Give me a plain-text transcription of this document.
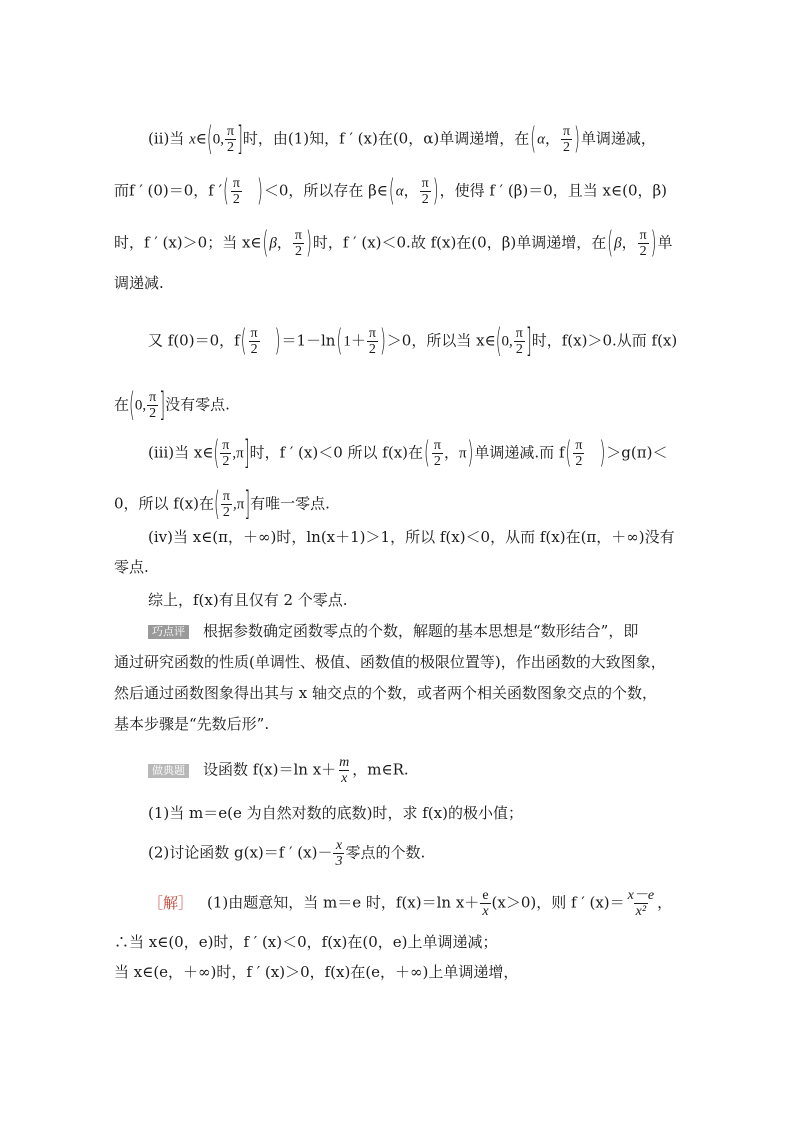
(ⅱ)当 x∈(0, $\frac{\pi}{2}$ ]时，由(1)知，f ′ (x)在(0，α)单调递增，在(α， $\frac{\pi}{2}$ )单调递减，
而f ′ (0)＝0，f ′( $\frac{\pi}{2} )<0$，所以存在 β∈(α， $\frac{\pi}{2}$ )，使得 f ′ (β)＝0，且当 x∈(0，β)
时，f ′ (x)＞0；当 x∈(β， $\frac{\pi}{2}$ )时，f ′ (x)＜0.故 f(x)在(0，β)单调递增，在(β， $\frac{\pi}{2}$ )单
调递减.
又 f(0)＝0，$f( \frac{\pi}{2} )=1-\ln(1+ \frac{\pi}{2} )>0$，所以当 x∈(0, $\frac{\pi}{2}$ ]时，f(x)＞0.从而 f(x)
在(0, $\frac{\pi}{2}$ ]没有零点.
(ⅲ)当 x∈( $\frac{\pi}{2} ,\pi$]时，f ′ (x)＜0 所以 f(x)在( $\frac{\pi}{2}$ ，π)单调递减.而 $f( \frac{\pi}{2} )>g(\pi)<$
0，所以 f(x)在( $\frac{\pi}{2} ,\pi$]有唯一零点.
(ⅳ)当 x∈(π，＋∞)时，ln(x＋1)＞1，所以 f(x)＜0，从而 f(x)在(π，＋∞)没有
零点.
综上，f(x)有且仅有 2 个零点.
巧点评 根据参数确定函数零点的个数，解题的基本思想是“数形结合”，即
通过研究函数的性质(单调性、极值、函数值的极限位置等)，作出函数的大致图象，
然后通过函数图象得出其与 x 轴交点的个数，或者两个相关函数图象交点的个数，
基本步骤是“先数后形”.
做典题 设函数 f(x)＝ln $x+ \frac{m}{x}$ ，m∈R.
(1)当 m＝e(e 为自然对数的底数)时，求 f(x)的极小值；
(2)讨论函数 g(x)＝f ′ $(x)- \frac{x}{3}$ 零点的个数.
［解］ (1)由题意知，当 m＝e 时，f(x)＝ln $x+ \frac{e}{x} (x>0)$，则 f ′ $(x)= \frac{x-e}{\text{x²}}$ ，
∴当 x∈(0，e)时，f ′ (x)＜0，f(x)在(0，e)上单调递减；
当 x∈(e，＋∞)时，f ′ (x)＞0，f(x)在(e，＋∞)上单调递增，
